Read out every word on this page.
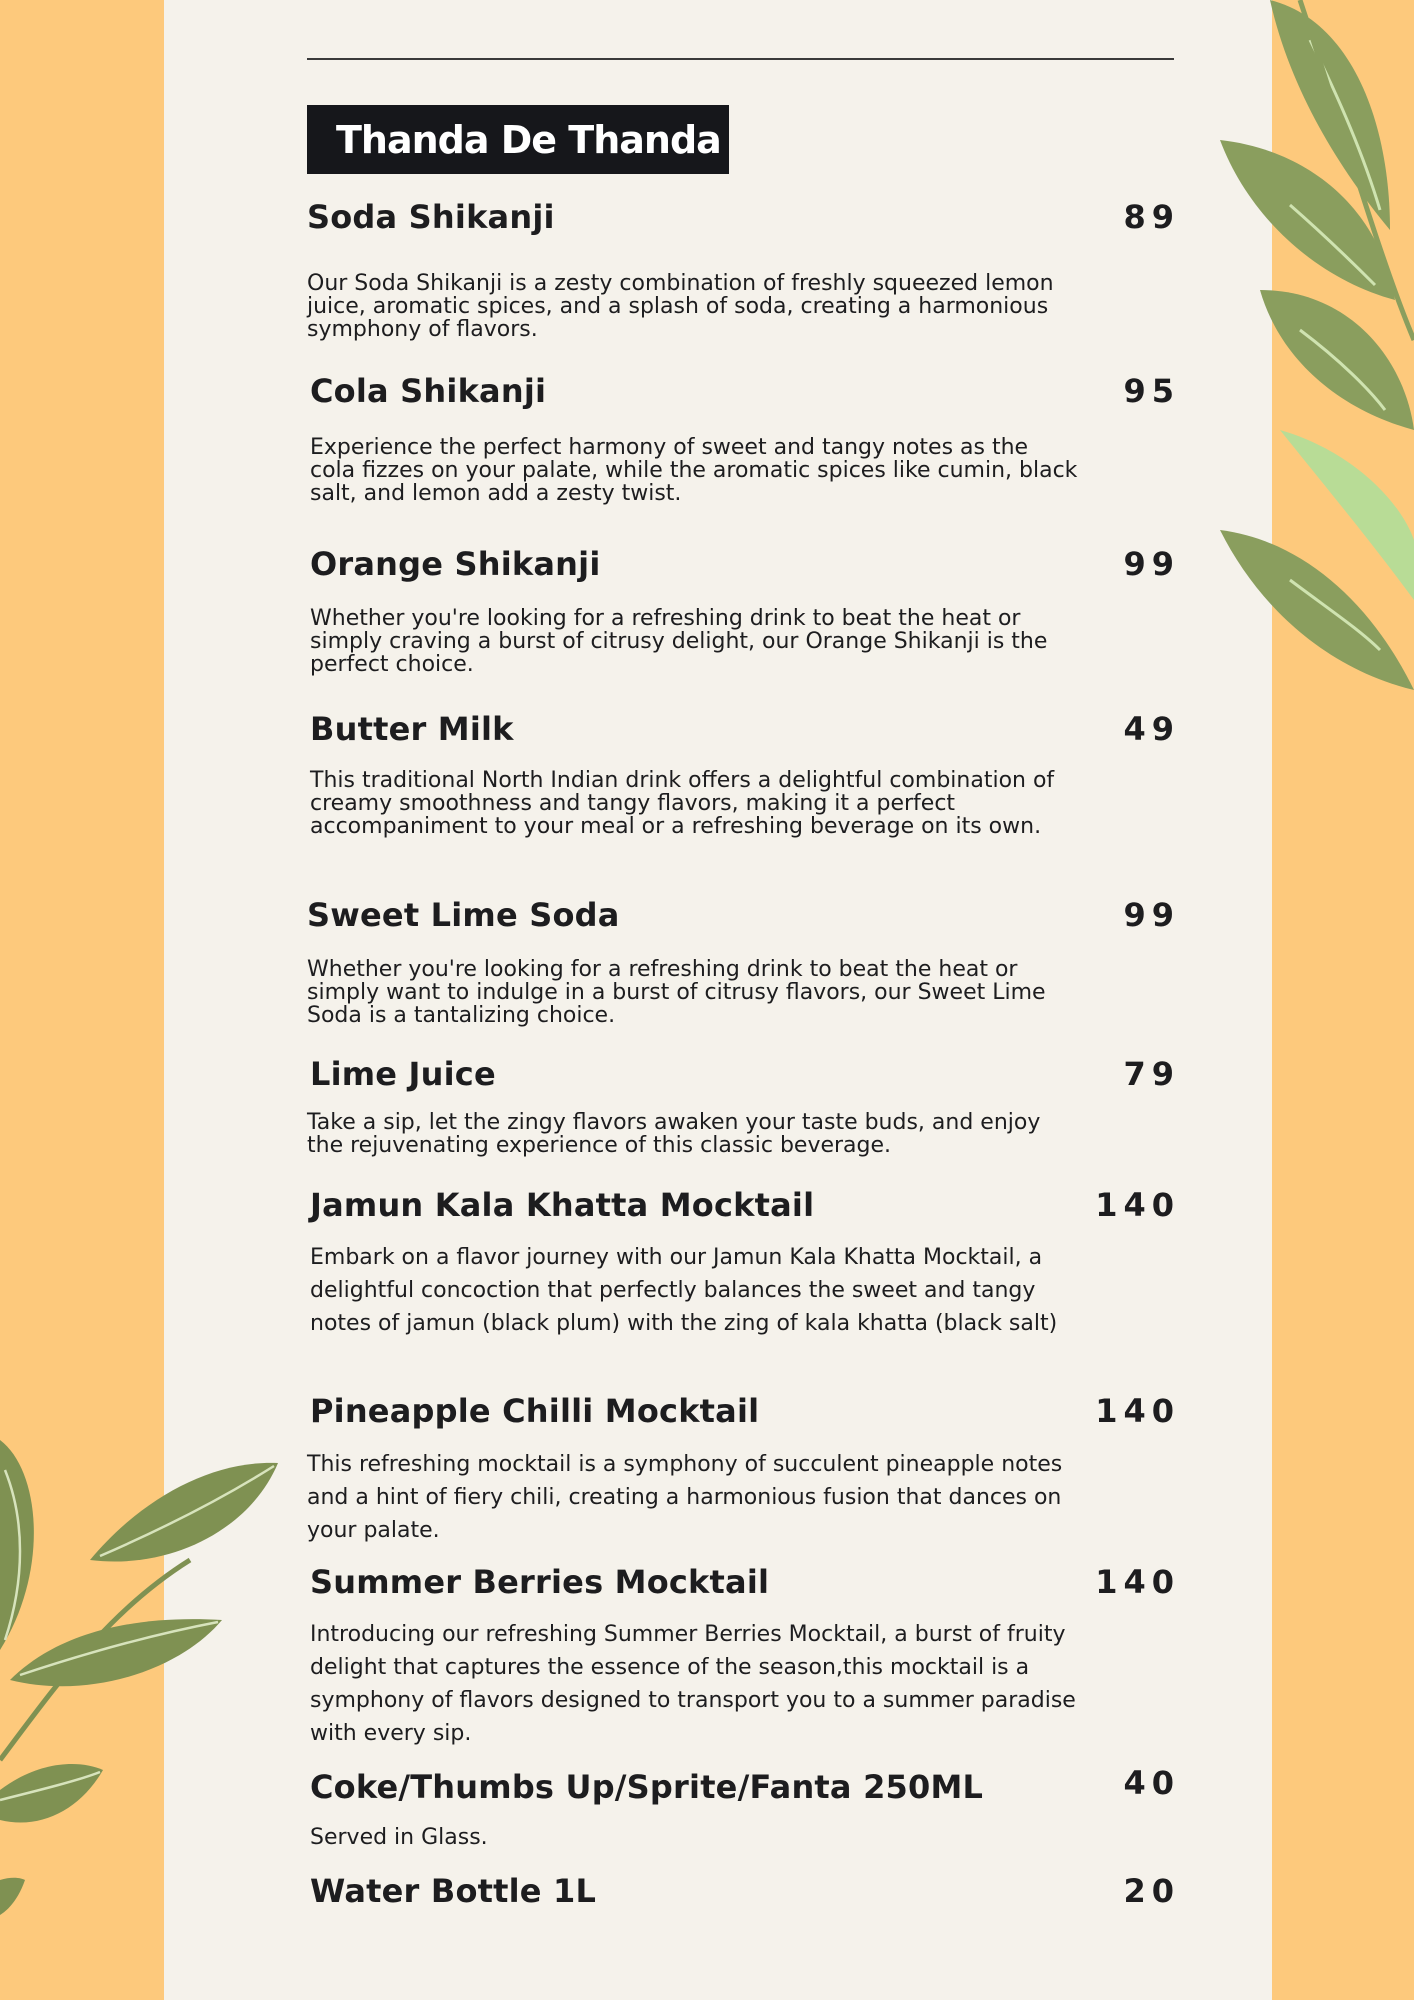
Thanda De Thanda
Soda Shikanji	89
Our Soda Shikanji is a zesty combination of freshly squeezed lemon juice, aromatic spices, and a splash of soda, creating a harmonious symphony of flavors.
Cola Shikanji	95
Experience the perfect harmony of sweet and tangy notes as the cola fizzes on your palate, while the aromatic spices like cumin, black salt, and lemon add a zesty twist.
Orange Shikanji	99
Whether you're looking for a refreshing drink to beat the heat or simply craving a burst of citrusy delight, our Orange Shikanji is the perfect choice.
Butter Milk	49
This traditional North Indian drink offers a delightful combination of creamy smoothness and tangy flavors, making it a perfect accompaniment to your meal or a refreshing beverage on its own.
Sweet Lime Soda	99
Whether you're looking for a refreshing drink to beat the heat or simply want to indulge in a burst of citrusy flavors, our Sweet Lime Soda is a tantalizing choice.
Lime Juice	79
Take a sip, let the zingy flavors awaken your taste buds, and enjoy the rejuvenating experience of this classic beverage.
Jamun Kala Khatta Mocktail	140
Embark on a flavor journey with our Jamun Kala Khatta Mocktail, a delightful concoction that perfectly balances the sweet and tangy notes of jamun (black plum) with the zing of kala khatta (black salt)
Pineapple Chilli Mocktail	140
This refreshing mocktail is a symphony of succulent pineapple notes and a hint of fiery chili, creating a harmonious fusion that dances on your palate.
Summer Berries Mocktail	140
Introducing our refreshing Summer Berries Mocktail, a burst of fruity delight that captures the essence of the season,this mocktail is a symphony of flavors designed to transport you to a summer paradise with every sip.
Coke/Thumbs Up/Sprite/Fanta 250ML	40
Served in Glass.
Water Bottle 1L	20
